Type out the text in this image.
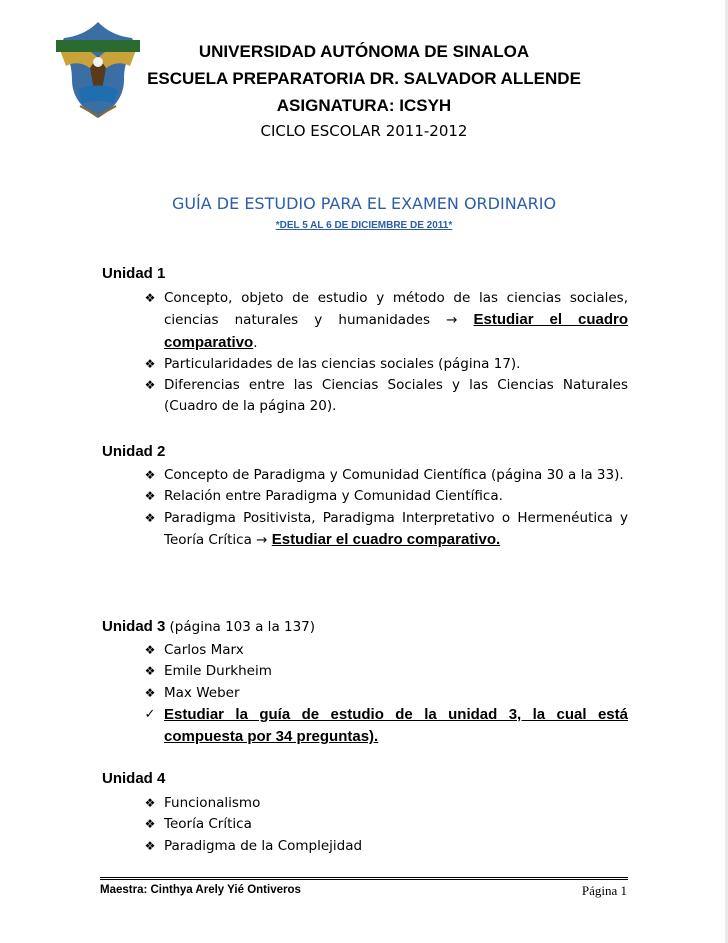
UNIVERSIDAD AUTÓNOMA DE SINALOA
ESCUELA PREPARATORIA DR. SALVADOR ALLENDE
ASIGNATURA: ICSYH
CICLO ESCOLAR 2011-2012
GUÍA DE ESTUDIO PARA EL EXAMEN ORDINARIO
*DEL 5 AL 6 DE DICIEMBRE DE 2011*
Unidad 1
❖ Concepto, objeto de estudio y método de las ciencias sociales, ciencias naturales y humanidades → Estudiar el cuadro comparativo.
❖ Particularidades de las ciencias sociales (página 17).
❖ Diferencias entre las Ciencias Sociales y las Ciencias Naturales (Cuadro de la página 20).
Unidad 2
❖ Concepto de Paradigma y Comunidad Científica (página 30 a la 33).
❖ Relación entre Paradigma y Comunidad Científica.
❖ Paradigma Positivista, Paradigma Interpretativo o Hermenéutica y Teoría Crítica → Estudiar el cuadro comparativo.
Unidad 3 (página 103 a la 137)
❖ Carlos Marx
❖ Emile Durkheim
❖ Max Weber
✓ Estudiar la guía de estudio de la unidad 3, la cual está compuesta por 34 preguntas).
Unidad 4
❖ Funcionalismo
❖ Teoría Crítica
❖ Paradigma de la Complejidad
Maestra: Cinthya Arely Yié Ontiveros	Página 1
